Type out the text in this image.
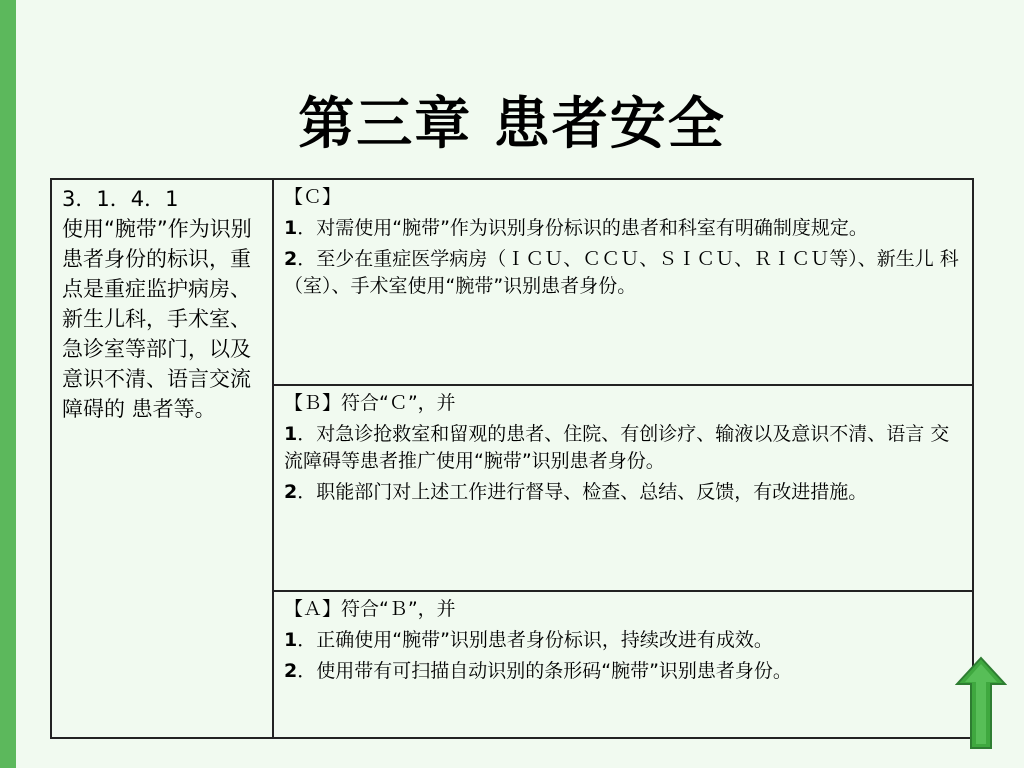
第三章 患者安全

3．1．4．1

使用“腕带”作为识别 患者身份的标识，重点是重症监护病房、新生儿科，手术室、急诊室等部门，以及意识不清、语言交流障碍的 患者等。

【Ｃ】

1．对需使用“腕带”作为识别身份标识的患者和科室有明确制度规定。

2．至少在重症医学病房（ＩＣＵ、ＣＣＵ、ＳＩＣＵ、ＲＩＣＵ等）、新生儿 科（室）、手术室使用“腕带”识别患者身份。

【Ｂ】符合“Ｃ”，并

1．对急诊抢救室和留观的患者、住院、有创诊疗、输液以及意识不清、语言 交流障碍等患者推广使用“腕带”识别患者身份。

2．职能部门对上述工作进行督导、检查、总结、反馈，有改进措施。

【Ａ】符合“Ｂ”，并

1．正确使用“腕带”识别患者身份标识，持续改进有成效。

2．使用带有可扫描自动识别的条形码“腕带”识别患者身份。
